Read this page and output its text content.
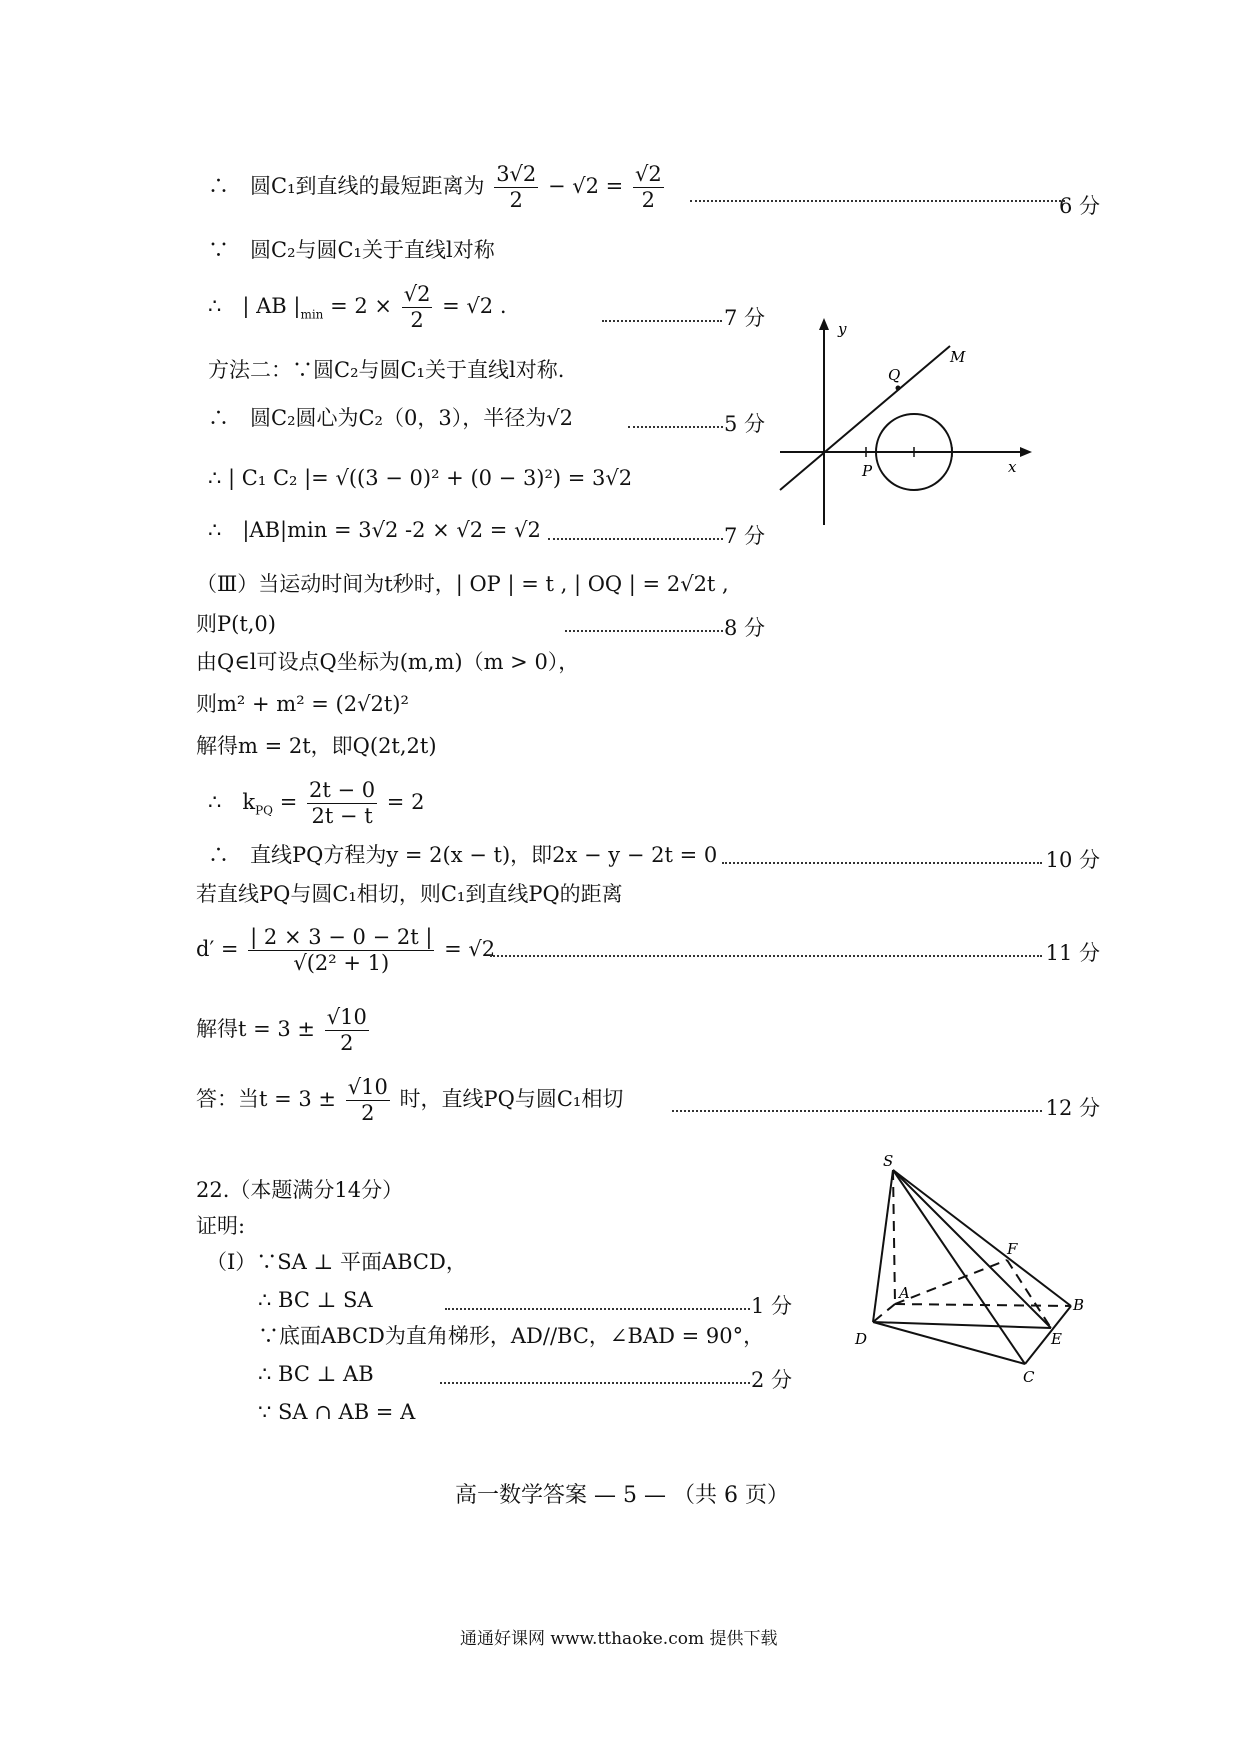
∴　圆C₁到直线的最短距离为 $\frac{3√2}{2} - √2 = \frac{√2}{2}$	6 分
∵　圆C₂与圆C₁关于直线l对称
∴　| AB $|_{min} = 2 \times \frac{√2}{2} = √2$ .	7 分
方法二：∵圆C₂与圆C₁关于直线l对称.
∴　圆C₂圆心为C₂（0，3），半径为√2	5 分
∴ | C₁ C₂ |= √((3 − 0)² + (0 − 3)²) = 3√2
∴　|AB|min = 3√2 -2 × √2 = √2	7 分
y
x
M
Q
P
（Ⅲ）当运动时间为t秒时，| OP | = t , | OQ | = 2√2t ,
则P(t,0)	8 分
由Q∈l可设点Q坐标为(m,m)（m > 0），
则m² + m² = (2√2t)²
解得m = 2t，即Q(2t,2t)
∴　$k_{PQ} = \frac{2t - 0}{2t - t} = 2$
∴　直线PQ方程为y = 2(x − t)，即2x − y − 2t = 0	10 分
若直线PQ与圆C₁相切，则C₁到直线PQ的距离
$d' = \frac{| 2 \times 3 - 0 - 2t |}{\text{√(2² + 1)}} = √2$	11 分
解得$t = 3 \pm \frac{√10}{2}$
答：当$t = 3 \pm \frac{√10}{2}$ 时，直线PQ与圆C₁相切	12 分
22.（本题满分14分）
证明:
（Ⅰ）∵SA ⊥ 平面ABCD，
∴ BC ⊥ SA	1 分
∵底面ABCD为直角梯形，AD//BC，∠BAD = 90°，
∴ BC ⊥ AB	2 分
∵ SA ∩ AB = A
S
A
F
B
E
D
C
高一数学答案 — 5 — （共 6 页）
通通好课网 www.tthaoke.com 提供下载
